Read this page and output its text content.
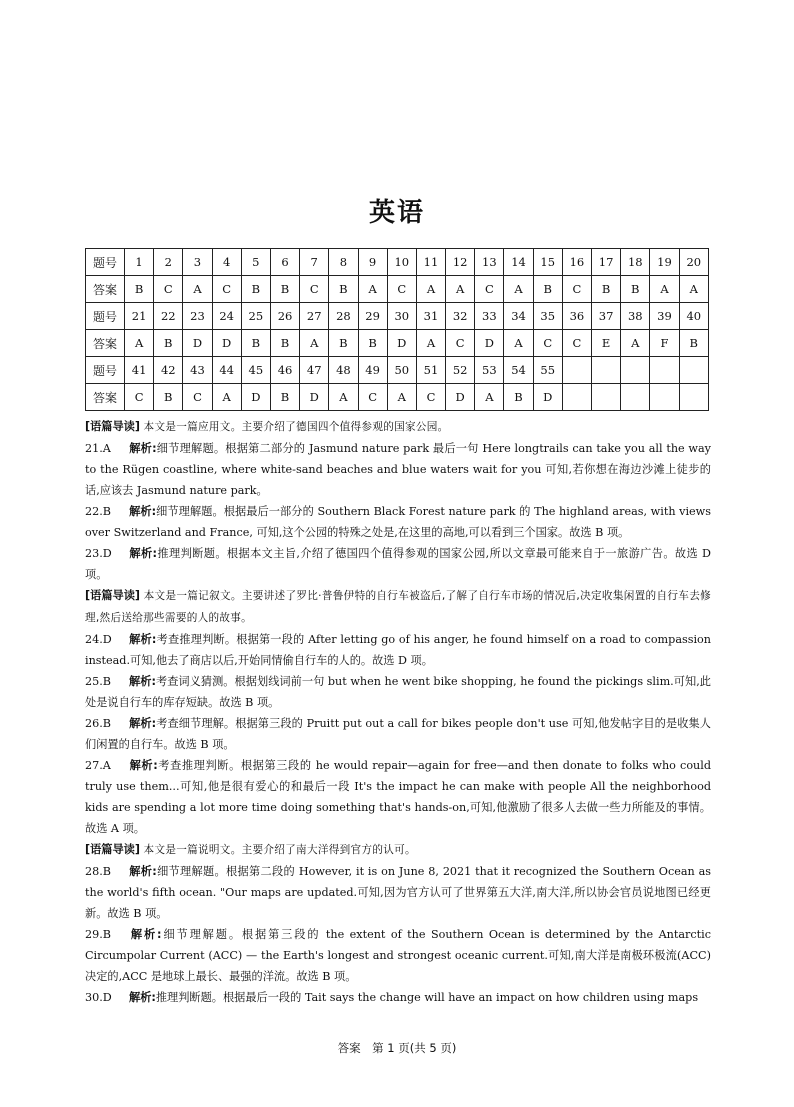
英语
题号	1	2	3	4	5	6	7	8	9	10	11	12	13	14	15	16	17	18	19	20
答案	B	C	A	C	B	B	C	B	A	C	A	A	C	A	B	C	B	B	A	A
题号	21	22	23	24	25	26	27	28	29	30	31	32	33	34	35	36	37	38	39	40
答案	A	B	D	D	B	B	A	B	B	D	A	C	D	A	C	C	E	A	F	B
题号	41	42	43	44	45	46	47	48	49	50	51	52	53	54	55					
答案	C	B	C	A	D	B	D	A	C	A	C	D	A	B	D					

[语篇导读] 本文是一篇应用文。主要介绍了德国四个值得参观的国家公园。

21.A 解析:细节理解题。根据第二部分的 Jasmund nature park 最后一句 Here longtrails can take you all the way to the Rügen coastline, where white-sand beaches and blue waters wait for you 可知,若你想在海边沙滩上徒步的话,应该去 Jasmund nature park。

22.B 解析:细节理解题。根据最后一部分的 Southern Black Forest nature park 的 The highland areas, with views over Switzerland and France, 可知,这个公园的特殊之处是,在这里的高地,可以看到三个国家。故选 B 项。

23.D 解析:推理判断题。根据本文主旨,介绍了德国四个值得参观的国家公园,所以文章最可能来自于一旅游广告。故选 D 项。

[语篇导读] 本文是一篇记叙文。主要讲述了罗比·普鲁伊特的自行车被盗后,了解了自行车市场的情况后,决定收集闲置的自行车去修理,然后送给那些需要的人的故事。

24.D 解析:考查推理判断。根据第一段的 After letting go of his anger, he found himself on a road to compassion instead.可知,他去了商店以后,开始同情偷自行车的人的。故选 D 项。

25.B 解析:考查词义猜测。根据划线词前一句 but when he went bike shopping, he found the pickings slim.可知,此处是说自行车的库存短缺。故选 B 项。

26.B 解析:考查细节理解。根据第三段的 Pruitt put out a call for bikes people don't use 可知,他发帖字目的是收集人们闲置的自行车。故选 B 项。

27.A 解析:考查推理判断。根据第三段的 he would repair—again for free—and then donate to folks who could truly use them...可知,他是很有爱心的和最后一段 It's the impact he can make with people All the neighborhood kids are spending a lot more time doing something that's hands-on,可知,他激励了很多人去做一些力所能及的事情。故选 A 项。

[语篇导读] 本文是一篇说明文。主要介绍了南大洋得到官方的认可。

28.B 解析:细节理解题。根据第二段的 However, it is on June 8, 2021 that it recognized the Southern Ocean as the world's fifth ocean. "Our maps are updated.可知,因为官方认可了世界第五大洋,南大洋,所以协会官员说地图已经更新。故选 B 项。

29.B 解析:细节理解题。根据第三段的 the extent of the Southern Ocean is determined by the Antarctic Circumpolar Current (ACC) — the Earth's longest and strongest oceanic current.可知,南大洋是南极环极流(ACC)决定的,ACC 是地球上最长、最强的洋流。故选 B 项。

30.D 解析:推理判断题。根据最后一段的 Tait says the change will have an impact on how children using maps

答案　第 1 页(共 5 页)
